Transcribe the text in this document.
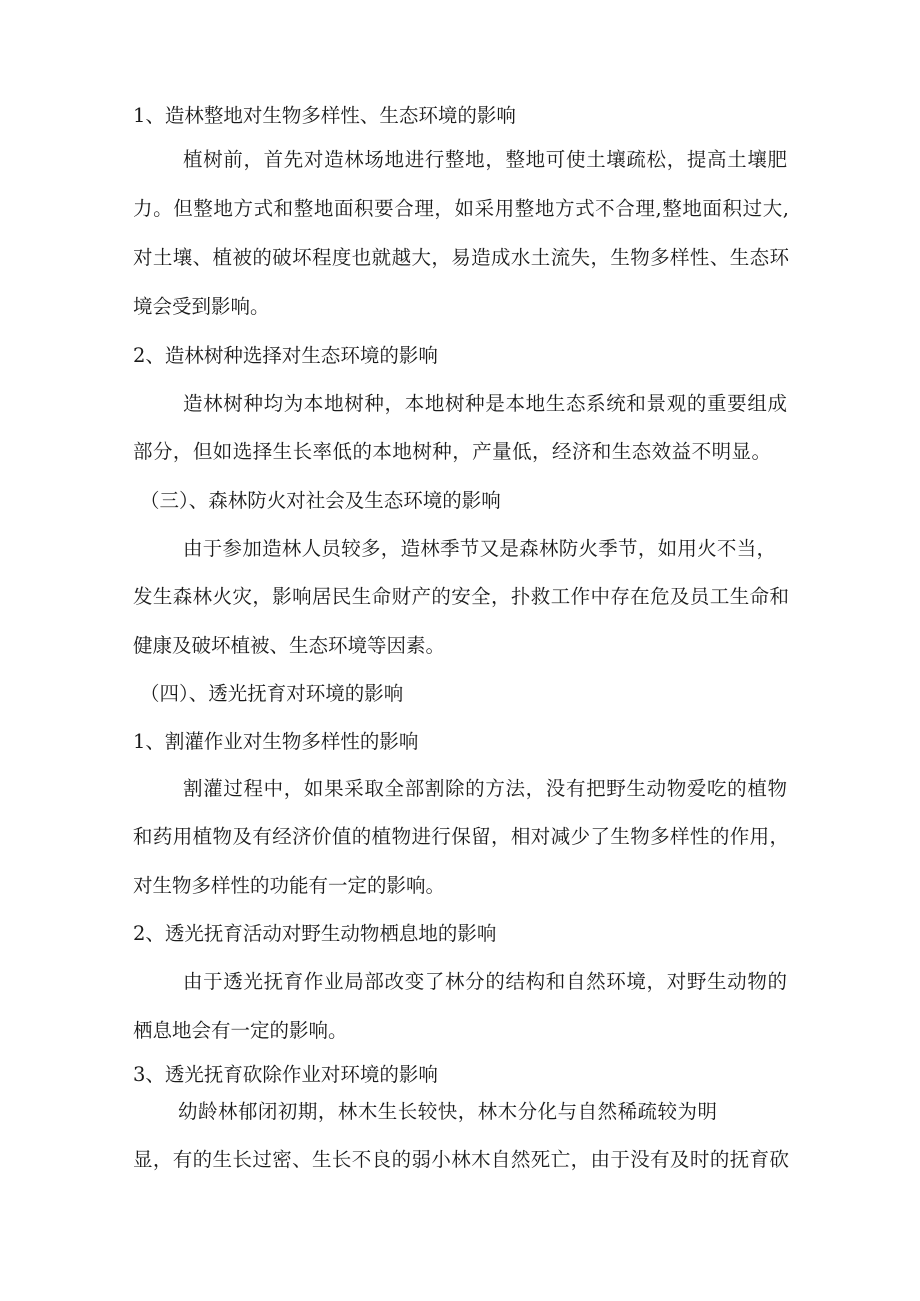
1、造林整地对生物多样性、生态环境的影响
植树前，首先对造林场地进行整地，整地可使土壤疏松，提高土壤肥
力。但整地方式和整地面积要合理，如采用整地方式不合理,整地面积过大,
对土壤、植被的破坏程度也就越大，易造成水土流失，生物多样性、生态环
境会受到影响。
2、造林树种选择对生态环境的影响
造林树种均为本地树种，本地树种是本地生态系统和景观的重要组成
部分，但如选择生长率低的本地树种，产量低，经济和生态效益不明显。
（三）、森林防火对社会及生态环境的影响
由于参加造林人员较多，造林季节又是森林防火季节，如用火不当，
发生森林火灾，影响居民生命财产的安全，扑救工作中存在危及员工生命和
健康及破坏植被、生态环境等因素。
（四）、透光抚育对环境的影响
1、割灌作业对生物多样性的影响
割灌过程中，如果采取全部割除的方法，没有把野生动物爱吃的植物
和药用植物及有经济价值的植物进行保留，相对减少了生物多样性的作用，
对生物多样性的功能有一定的影响。
2、透光抚育活动对野生动物栖息地的影响
由于透光抚育作业局部改变了林分的结构和自然环境，对野生动物的
栖息地会有一定的影响。
3、透光抚育砍除作业对环境的影响
幼龄林郁闭初期，林木生长较快，林木分化与自然稀疏较为明
显，有的生长过密、生长不良的弱小林木自然死亡，由于没有及时的抚育砍
